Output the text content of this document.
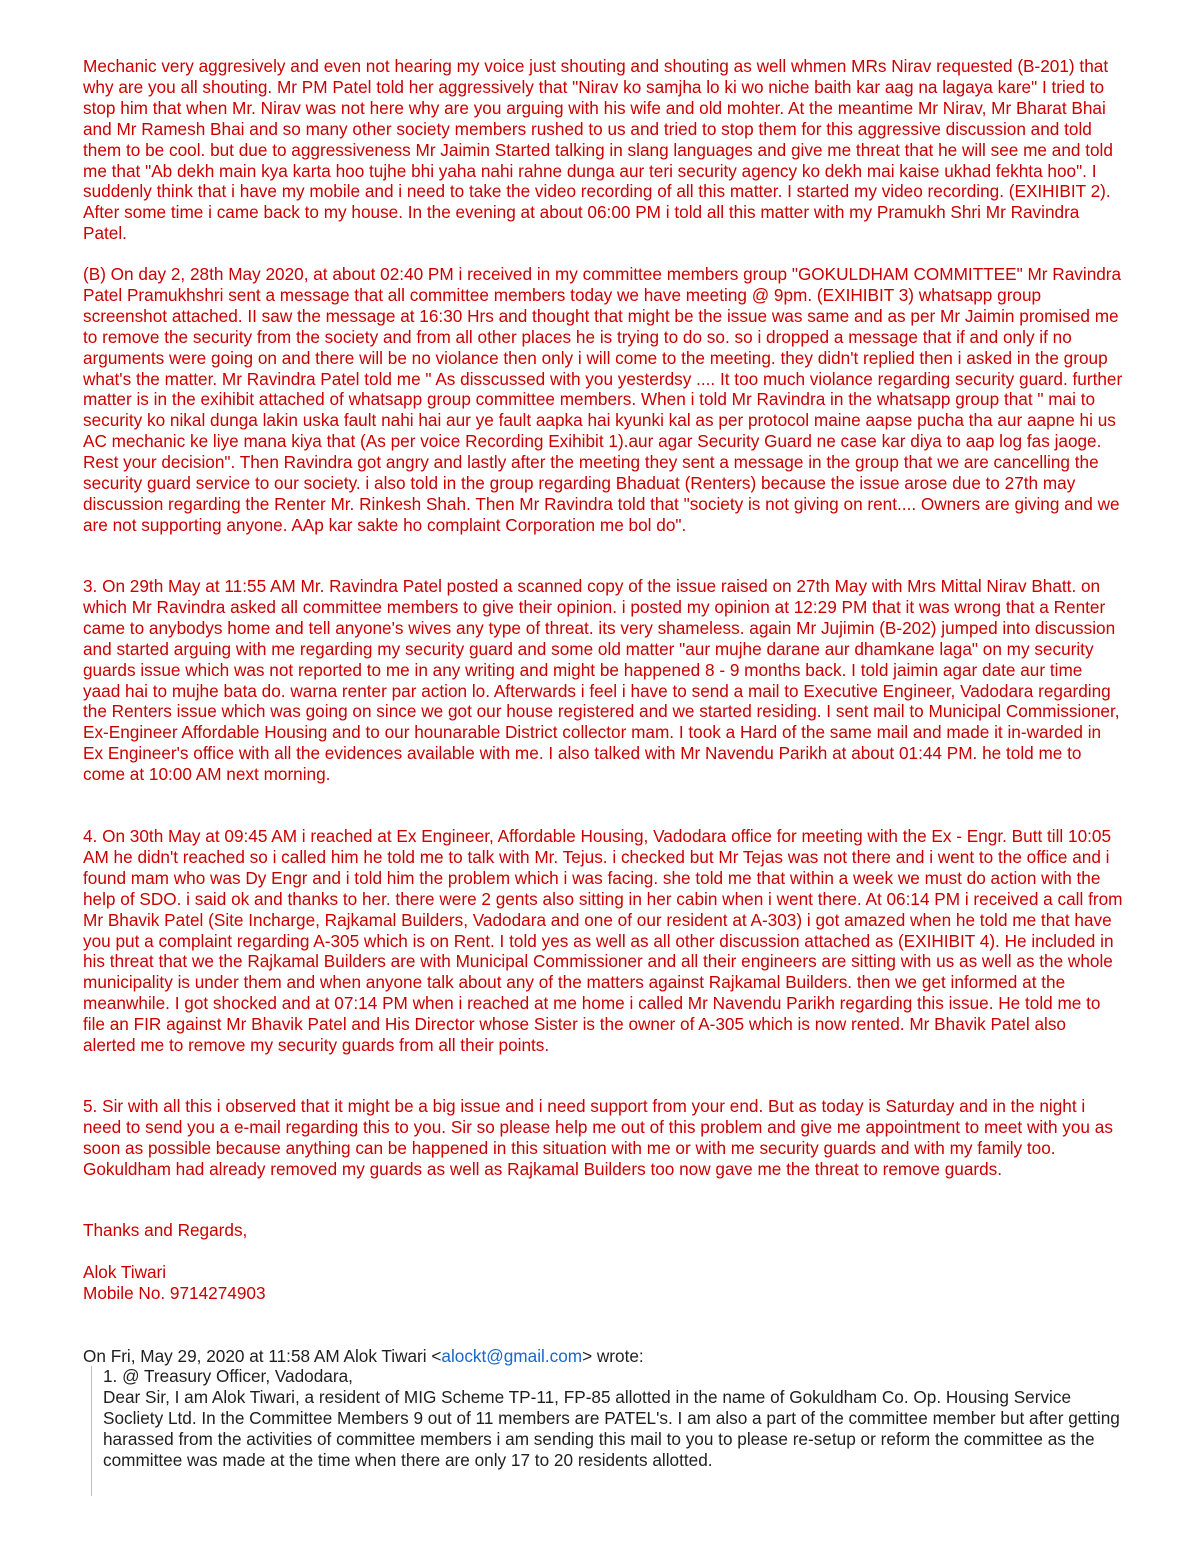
Mechanic very aggresively and even not hearing my voice just shouting and shouting as well whmen MRs Nirav requested (B-201) that why are you all shouting. Mr PM Patel told her aggressively that "Nirav ko samjha lo ki wo niche baith kar aag na lagaya kare" I tried to stop him that when Mr. Nirav was not here why are you arguing with his wife and old mohter. At the meantime Mr Nirav, Mr Bharat Bhai and Mr Ramesh Bhai and so many other society members rushed to us and tried to stop them for this aggressive discussion and told them to be cool. but due to aggressiveness Mr Jaimin Started talking in slang languages and give me threat that he will see me and told me that "Ab dekh main kya karta hoo tujhe bhi yaha nahi rahne dunga aur teri security agency ko dekh mai kaise ukhad fekhta hoo". I suddenly think that i have my mobile and i need to take the video recording of all this matter. I started my video recording. (EXIHIBIT 2). After some time i came back to my house. In the evening at about 06:00 PM i told all this matter with my Pramukh Shri Mr Ravindra Patel.

(B) On day 2, 28th May 2020, at about 02:40 PM i received in my committee members group "GOKULDHAM COMMITTEE" Mr Ravindra Patel Pramukhshri sent a message that all committee members today we have meeting @ 9pm. (EXIHIBIT 3) whatsapp group screenshot attached. II saw the message at 16:30 Hrs and thought that might be the issue was same and as per Mr Jaimin promised me to remove the security from the society and from all other places he is trying to do so. so i dropped a message that if and only if no arguments were going on and there will be no violance then only i will come to the meeting. they didn't replied then i asked in the group what's the matter. Mr Ravindra Patel told me " As disscussed with you yesterdsy .... It too much violance regarding security guard. further matter is in the exihibit attached of whatsapp group committee members. When i told Mr Ravindra in the whatsapp group that " mai to security ko nikal dunga lakin uska fault nahi hai aur ye fault aapka hai kyunki kal as per protocol maine aapse pucha tha aur aapne hi us AC mechanic ke liye mana kiya that (As per voice Recording Exihibit 1).aur agar Security Guard ne case kar diya to aap log fas jaoge. Rest your decision". Then Ravindra got angry and lastly after the meeting they sent a message in the group that we are cancelling the security guard service to our society. i also told in the group regarding Bhaduat (Renters) because the issue arose due to 27th may discussion regarding the Renter Mr. Rinkesh Shah. Then Mr Ravindra told that "society is not giving on rent.... Owners are giving and we are not supporting anyone. AAp kar sakte ho complaint Corporation me bol do".

3. On 29th May at 11:55 AM Mr. Ravindra Patel posted a scanned copy of the issue raised on 27th May with Mrs Mittal Nirav Bhatt. on which Mr Ravindra asked all committee members to give their opinion. i posted my opinion at 12:29 PM that it was wrong that a Renter came to anybodys home and tell anyone's wives any type of threat. its very shameless. again Mr Jujimin (B-202) jumped into discussion and started arguing with me regarding my security guard and some old matter "aur mujhe darane aur dhamkane laga" on my security guards issue which was not reported to me in any writing and might be happened 8 - 9 months back. I told jaimin agar date aur time yaad hai to mujhe bata do. warna renter par action lo. Afterwards i feel i have to send a mail to Executive Engineer, Vadodara regarding the Renters issue which was going on since we got our house registered and we started residing. I sent mail to Municipal Commissioner, Ex-Engineer Affordable Housing and to our hounarable District collector mam. I took a Hard of the same mail and made it in-warded in Ex Engineer's office with all the evidences available with me. I also talked with Mr Navendu Parikh at about 01:44 PM. he told me to come at 10:00 AM next morning.

4. On 30th May at 09:45 AM i reached at Ex Engineer, Affordable Housing, Vadodara office for meeting with the Ex - Engr. Butt till 10:05 AM he didn't reached so i called him he told me to talk with Mr. Tejus. i checked but Mr Tejas was not there and i went to the office and i found mam who was Dy Engr and i told him the problem which i was facing. she told me that within a week we must do action with the help of SDO. i said ok and thanks to her. there were 2 gents also sitting in her cabin when i went there. At 06:14 PM i received a call from Mr Bhavik Patel (Site Incharge, Rajkamal Builders, Vadodara and one of our resident at A-303) i got amazed when he told me that have you put a complaint regarding A-305 which is on Rent. I told yes as well as all other discussion attached as (EXIHIBIT 4). He included in his threat that we the Rajkamal Builders are with Municipal Commissioner and all their engineers are sitting with us as well as the whole municipality is under them and when anyone talk about any of the matters against Rajkamal Builders. then we get informed at the meanwhile. I got shocked and at 07:14 PM when i reached at me home i called Mr Navendu Parikh regarding this issue. He told me to file an FIR against Mr Bhavik Patel and His Director whose Sister is the owner of A-305 which is now rented. Mr Bhavik Patel also alerted me to remove my security guards from all their points.

5. Sir with all this i observed that it might be a big issue and i need support from your end. But as today is Saturday and in the night i need to send you a e-mail regarding this to you. Sir so please help me out of this problem and give me appointment to meet with you as soon as possible because anything can be happened in this situation with me or with me security guards and with my family too. Gokuldham had already removed my guards as well as Rajkamal Builders too now gave me the threat to remove guards.

Thanks and Regards,

Alok Tiwari

Mobile No. 9714274903

On Fri, May 29, 2020 at 11:58 AM Alok Tiwari <alockt@gmail.com> wrote:

1. @ Treasury Officer, Vadodara,

Dear Sir, I am Alok Tiwari, a resident of MIG Scheme TP-11, FP-85 allotted in the name of Gokuldham Co. Op. Housing Service Socliety Ltd. In the Committee Members 9 out of 11 members are PATEL's. I am also a part of the committee member but after getting harassed from the activities of committee members i am sending this mail to you to please re-setup or reform the committee as the committee was made at the time when there are only 17 to 20 residents allotted.
